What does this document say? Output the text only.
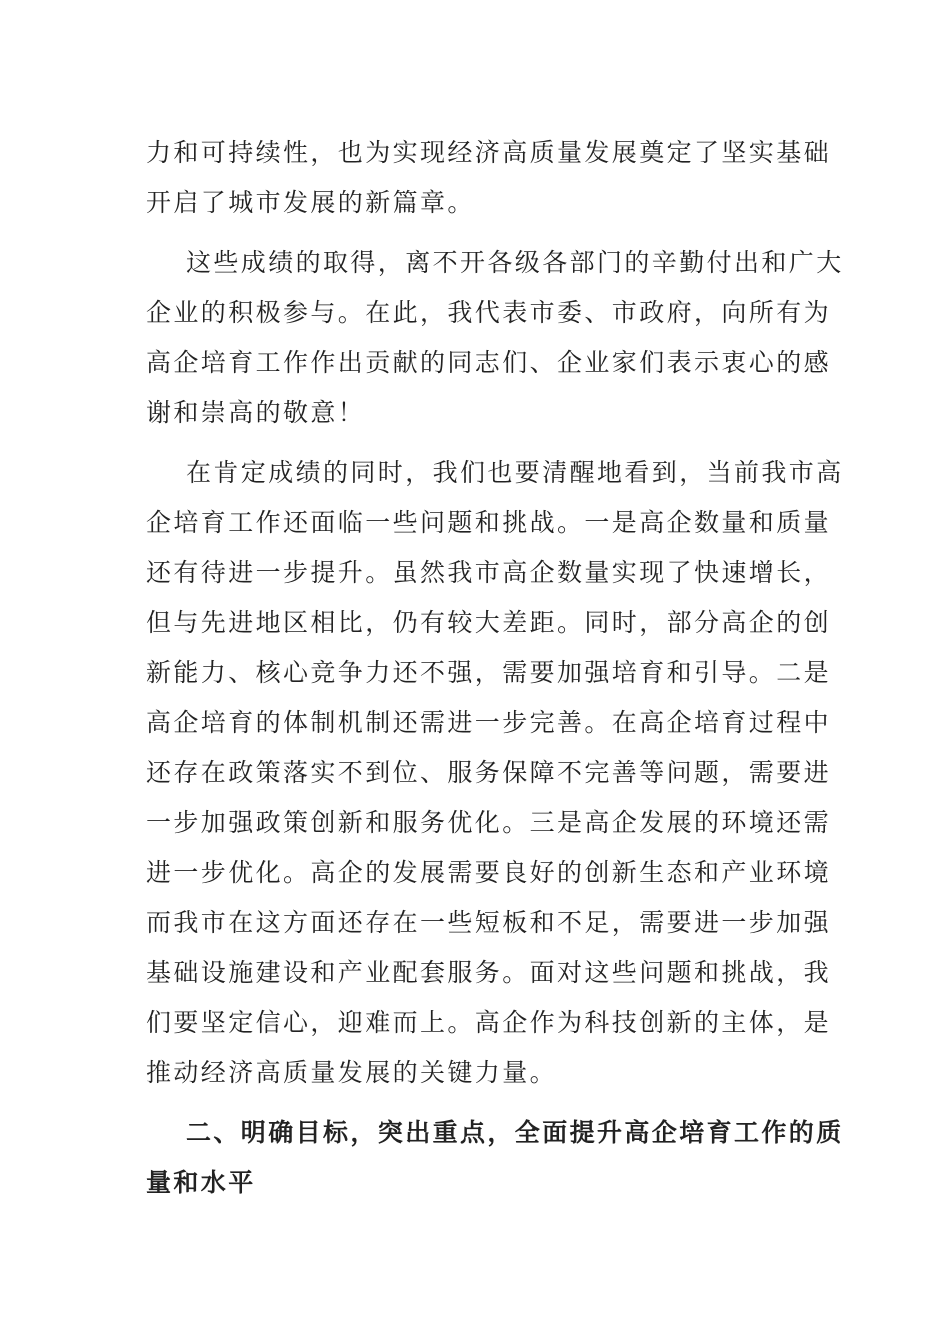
力和可持续性，也为实现经济高质量发展奠定了坚实基础
开启了城市发展的新篇章。
这些成绩的取得，离不开各级各部门的辛勤付出和广大
企业的积极参与。在此，我代表市委、市政府，向所有为
高企培育工作作出贡献的同志们、企业家们表示衷心的感
谢和崇高的敬意！
在肯定成绩的同时，我们也要清醒地看到，当前我市高
企培育工作还面临一些问题和挑战。一是高企数量和质量
还有待进一步提升。虽然我市高企数量实现了快速增长，
但与先进地区相比，仍有较大差距。同时，部分高企的创
新能力、核心竞争力还不强，需要加强培育和引导。二是
高企培育的体制机制还需进一步完善。在高企培育过程中
还存在政策落实不到位、服务保障不完善等问题，需要进
一步加强政策创新和服务优化。三是高企发展的环境还需
进一步优化。高企的发展需要良好的创新生态和产业环境
而我市在这方面还存在一些短板和不足，需要进一步加强
基础设施建设和产业配套服务。面对这些问题和挑战，我
们要坚定信心，迎难而上。高企作为科技创新的主体，是
推动经济高质量发展的关键力量。
二、明确目标，突出重点，全面提升高企培育工作的质
量和水平
